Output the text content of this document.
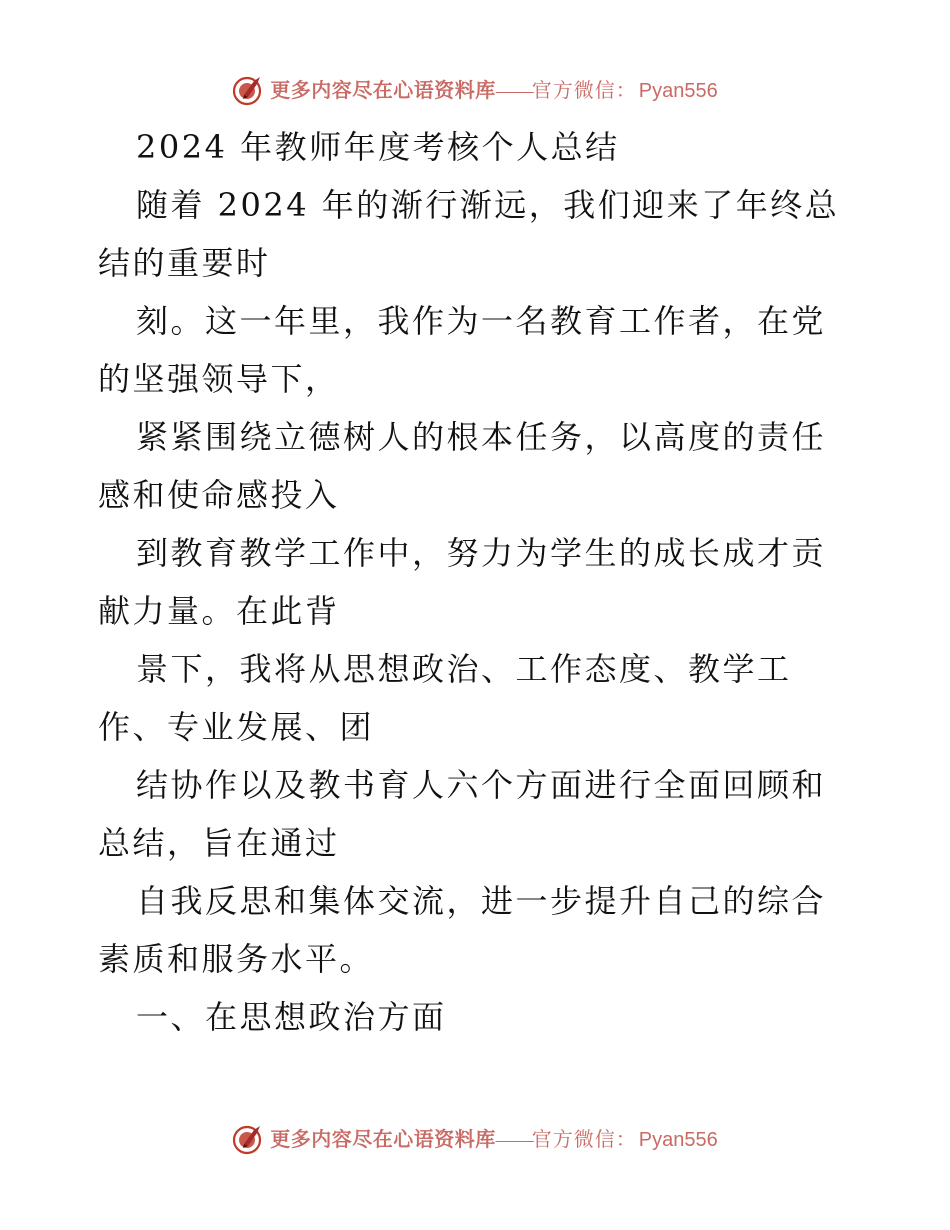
更多内容尽在心语资料库 —— 官方微信： Pyan556

2024 年教师年度考核个人总结

随着 2024 年的渐行渐远，我们迎来了年终总结的重要时

刻。这一年里，我作为一名教育工作者，在党的坚强领导下，

紧紧围绕立德树人的根本任务，以高度的责任感和使命感投入

到教育教学工作中，努力为学生的成长成才贡献力量。在此背

景下，我将从思想政治、工作态度、教学工作、专业发展、团

结协作以及教书育人六个方面进行全面回顾和总结，旨在通过

自我反思和集体交流，进一步提升自己的综合素质和服务水平。

一、在思想政治方面

更多内容尽在心语资料库 —— 官方微信： Pyan556
